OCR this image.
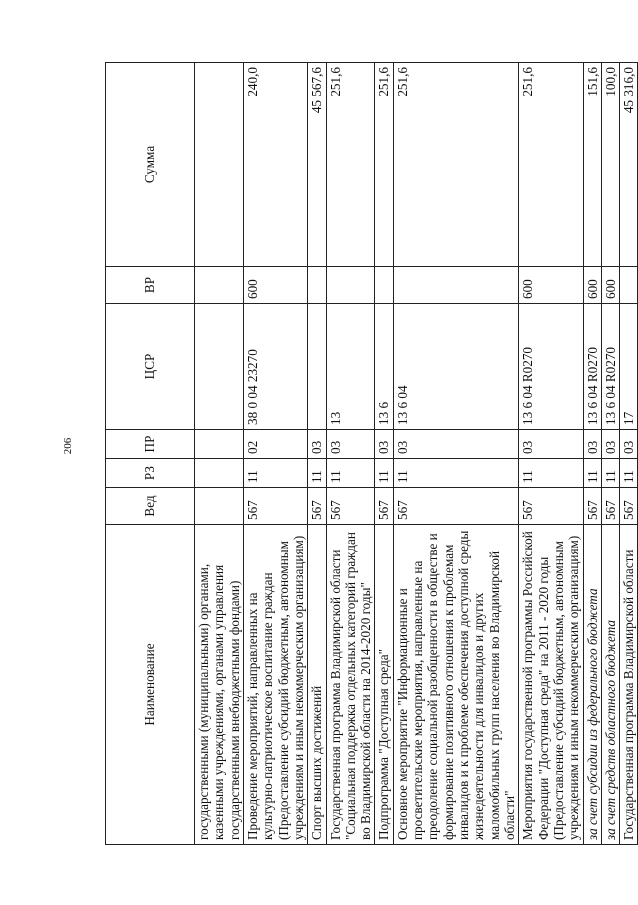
206
Наименование	Вед	РЗ	ПР	ЦСР	ВР	Сумма
государственными (муниципальными) органами, казенными учреждениями, органами управления государственными внебюджетными фондами)						
Проведение мероприятий, направленных на культурно-патриотическое воспитание граждан (Предоставление субсидий бюджетным, автономным учреждениям и иным некоммерческим организациям)	567	11	02	38 0 04 23270	600	240,0
Спорт высших достижений	567	11	03			45 567,6
Государственная программа Владимирской области "Социальная поддержка отдельных категорий граждан во Владимирской области на 2014-2020 годы"	567	11	03	13		251,6
Подпрограмма "Доступная среда"	567	11	03	13 6		251,6
Основное мероприятие "Информационные и просветительские мероприятия, направленные на преодоление социальной разобщенности в обществе и формирование позитивного отношения к проблемам инвалидов и к проблеме обеспечения доступной среды жизнедеятельности для инвалидов и других маломобильных групп населения во Владимирской области"	567	11	03	13 6 04		251,6
Мероприятия государственной программы Российской Федерации "Доступная среда" на 2011 - 2020 годы (Предоставление субсидий бюджетным, автономным учреждениям и иным некоммерческим организациям)	567	11	03	13 6 04 R0270	600	251,6
за счет субсидии из федерального бюджета	567	11	03	13 6 04 R0270	600	151,6
за счет средств областного бюджета	567	11	03	13 6 04 R0270	600	100,0
Государственная программа Владимирской области	567	11	03	17		45 316,0
